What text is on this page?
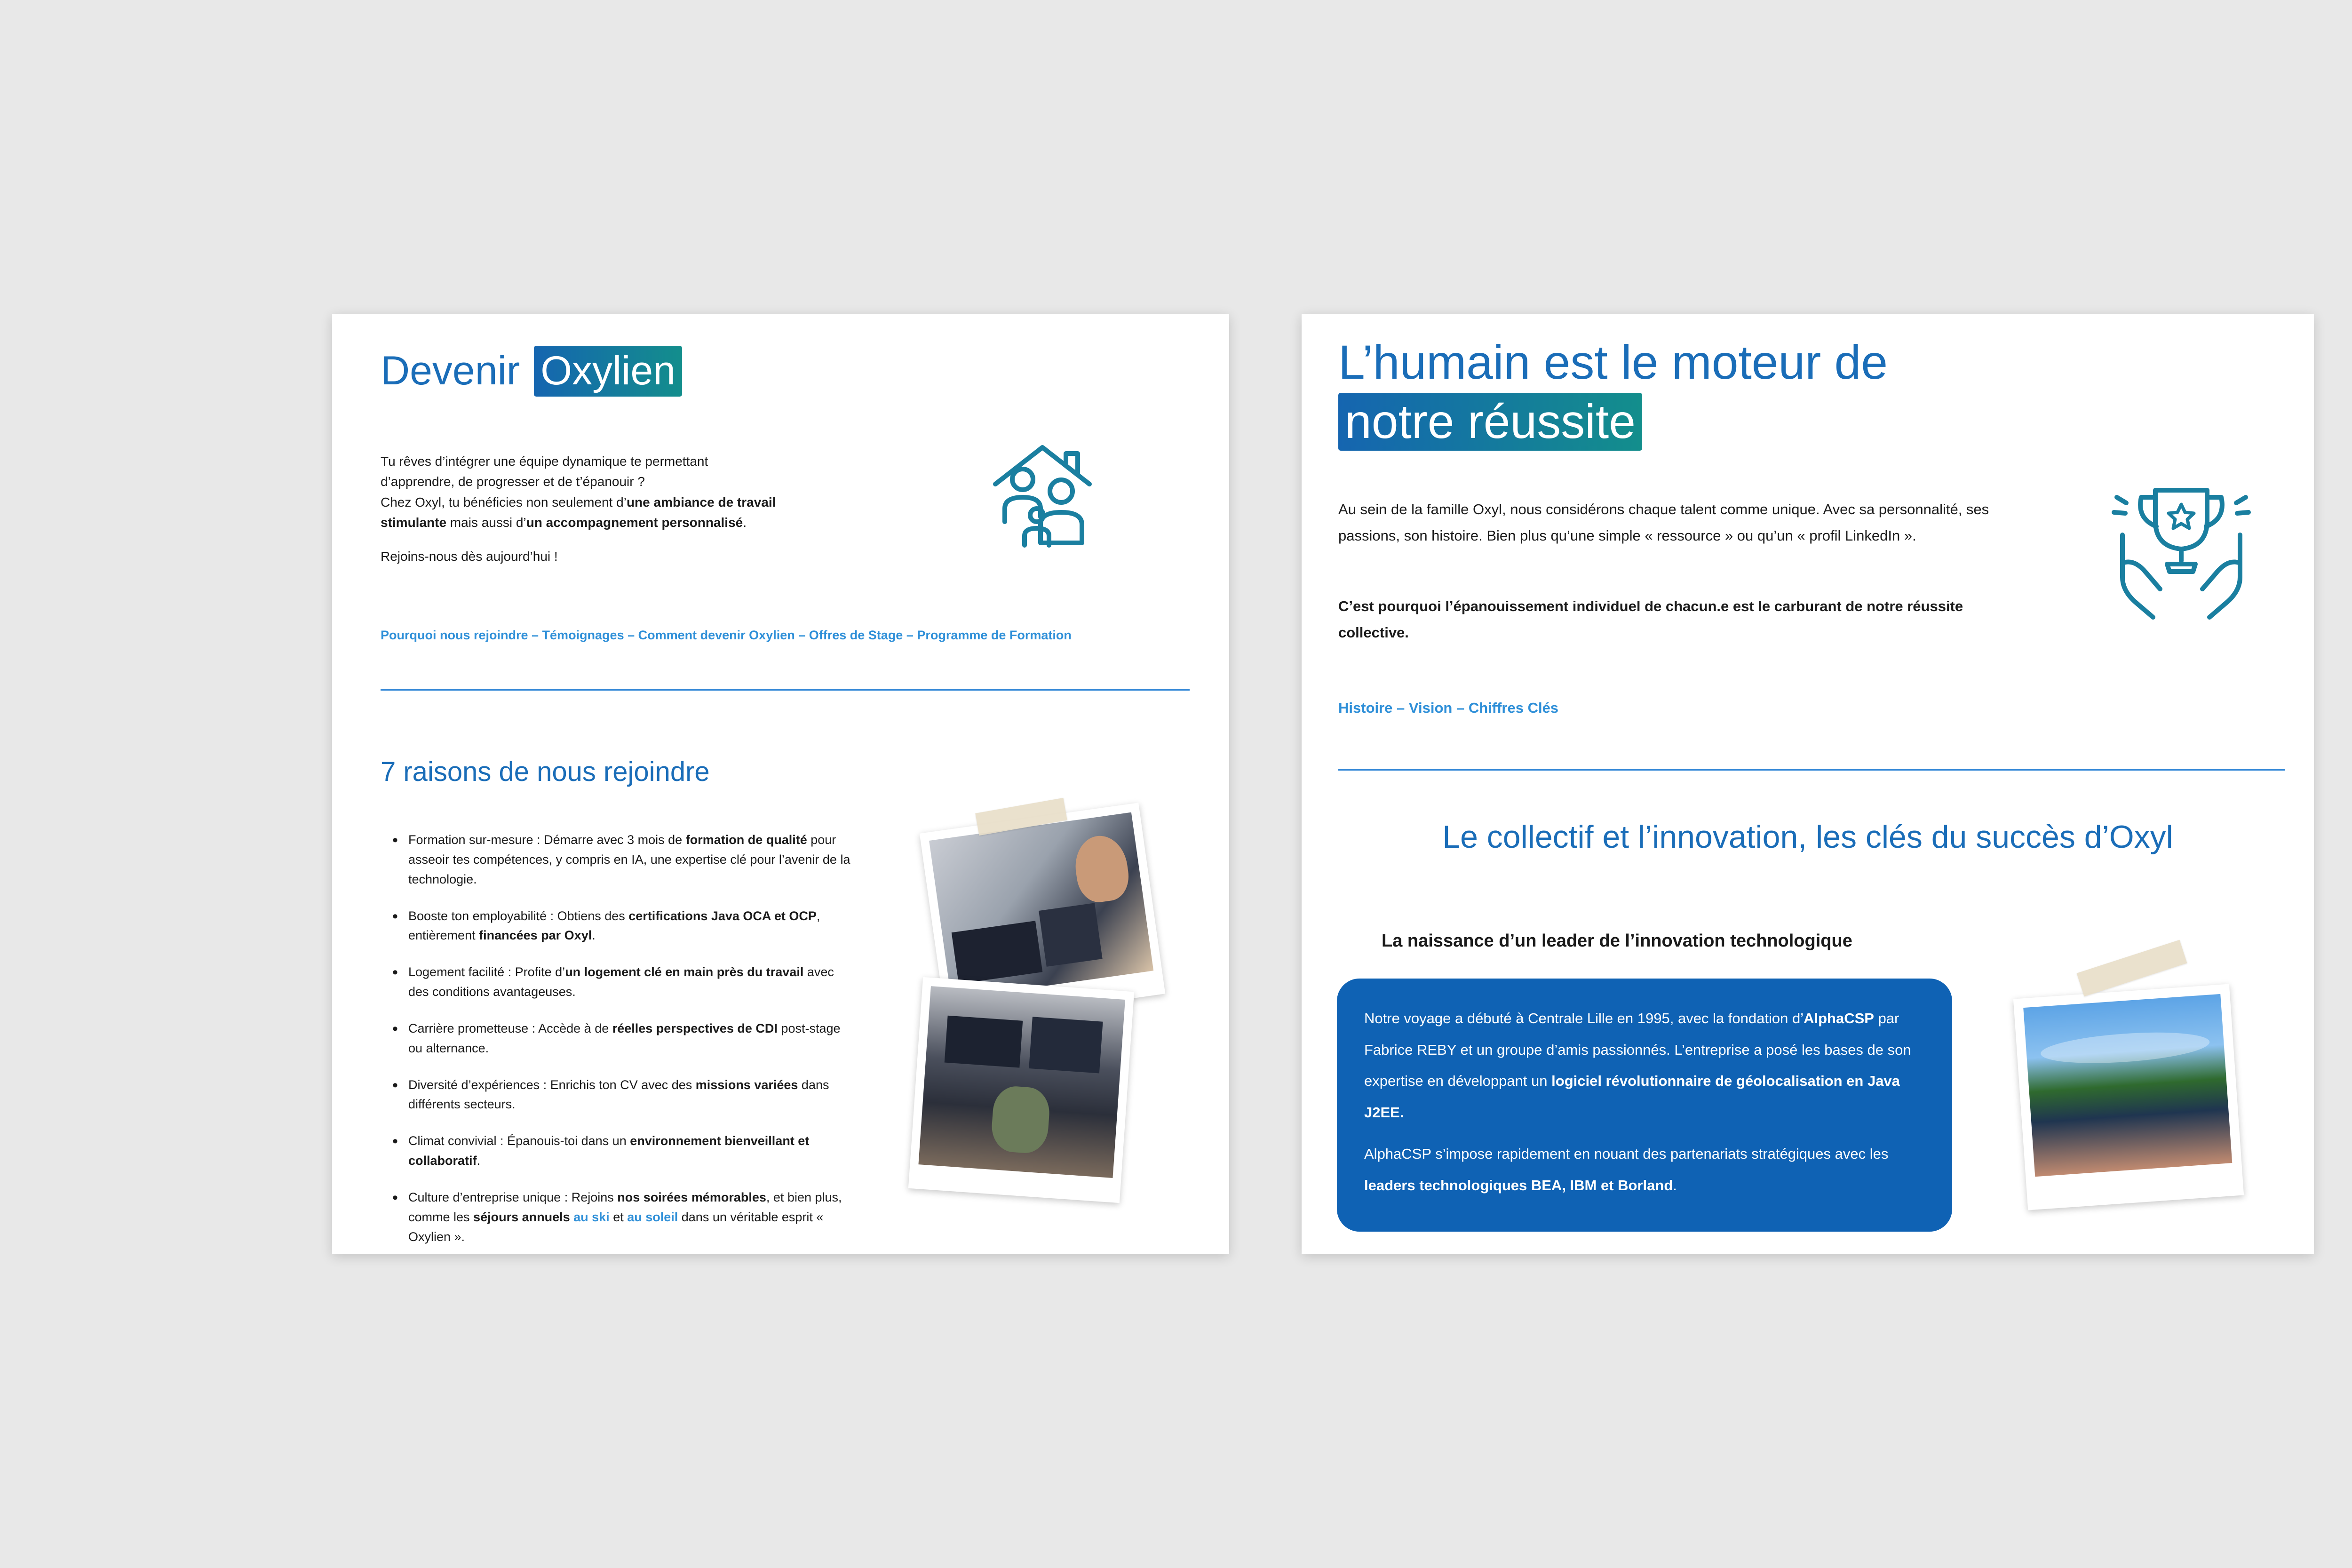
Devenir Oxylien
Tu rêves d’intégrer une équipe dynamique te permettant
d’apprendre, de progresser et de t’épanouir ?
Chez Oxyl, tu bénéficies non seulement d’une ambiance de travail
stimulante mais aussi d’un accompagnement personnalisé.
Rejoins-nous dès aujourd’hui !
Pourquoi nous rejoindre – Témoignages – Comment devenir Oxylien – Offres de Stage – Programme de Formation
7 raisons de nous rejoindre
• Formation sur-mesure : Démarre avec 3 mois de formation de qualité pour asseoir tes compétences, y compris en IA, une expertise clé pour l’avenir de la technologie.
• Booste ton employabilité : Obtiens des certifications Java OCA et OCP, entièrement financées par Oxyl.
• Logement facilité : Profite d’un logement clé en main près du travail avec des conditions avantageuses.
• Carrière prometteuse : Accède à de réelles perspectives de CDI post-stage ou alternance.
• Diversité d’expériences : Enrichis ton CV avec des missions variées dans différents secteurs.
• Climat convivial : Épanouis-toi dans un environnement bienveillant et collaboratif.
• Culture d’entreprise unique : Rejoins nos soirées mémorables, et bien plus, comme les séjours annuels au ski et au soleil dans un véritable esprit « Oxylien ».
L’humain est le moteur de
notre réussite
Au sein de la famille Oxyl, nous considérons chaque talent comme unique. Avec sa personnalité, ses passions, son histoire. Bien plus qu’une simple « ressource » ou qu’un « profil LinkedIn ».
C’est pourquoi l’épanouissement individuel de chacun.e est le carburant de notre réussite collective.
Histoire – Vision – Chiffres Clés
Le collectif et l’innovation, les clés du succès d’Oxyl
La naissance d’un leader de l’innovation technologique
Notre voyage a débuté à Centrale Lille en 1995, avec la fondation d’AlphaCSP par Fabrice REBY et un groupe d’amis passionnés. L’entreprise a posé les bases de son expertise en développant un logiciel révolutionnaire de géolocalisation en Java J2EE.
AlphaCSP s’impose rapidement en nouant des partenariats stratégiques avec les leaders technologiques BEA, IBM et Borland.
